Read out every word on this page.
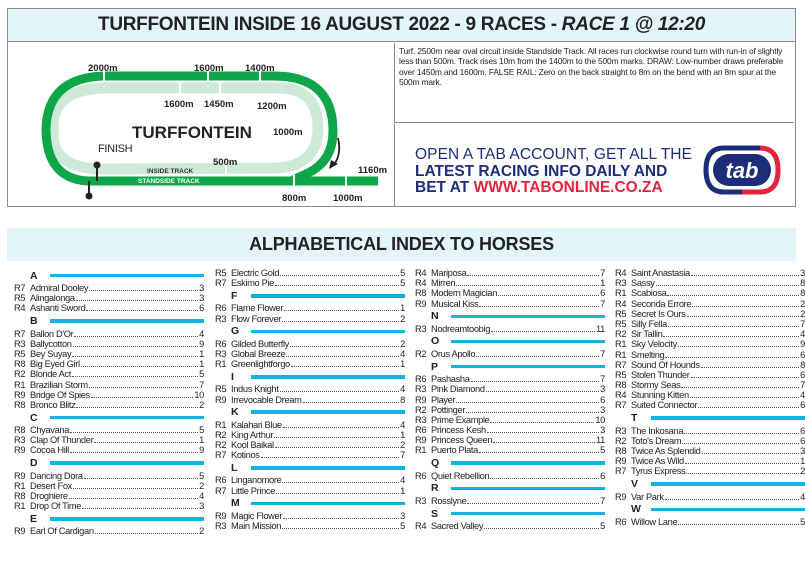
TURFFONTEIN INSIDE 16 AUGUST 2022 - 9 RACES - RACE 1 @ 12:20
2000m	1600m 1400m
1600m 1450m 1200m
1000m
500m
1160m
800m	1000m
TURFFONTEIN
FINISH
INSIDE TRACK
STANDSIDE TRACK
Turf. 2500m near oval circuit inside Standside Track. All races run clockwise round turn with run-in of slightly less than 500m. Track rises 10m from the 1400m to the 500m marks. DRAW: Low-number draws preferable over 1450m and 1600m. FALSE RAIL: Zero on the back straight to 8m on the bend with an 8m spur at the 500m mark.
OPEN A TAB ACCOUNT, GET ALL THE
LATEST RACING INFO DAILY AND
BET AT WWW.TABONLINE.CO.ZA
tab
ALPHABETICAL INDEX TO HORSES
A
R7 Admiral Dooley	3
R5 Alingalonga	3
R4 Ashanti Sword	6
B
R7 Ballon D'Or	4
R3 Ballycotton	9
R5 Bey Suyay	1
R8 Big Eyed Girl	1
R2 Blonde Act	5
R1 Brazilian Storm	7
R9 Bridge Of Spies	10
R8 Bronco Blitz	2
C
R8 Chyavana	5
R3 Clap Of Thunder	1
R9 Cocoa Hill	9
D
R9 Dancing Dora	5
R1 Desert Fox	2
R8 Droghiere	4
R1 Drop Of Time	3
E
R9 Earl Of Cardigan	2
R5 Electric Gold	5
R7 Eskimo Pie	5
F
R6 Flame Flower	1
R3 Flow Forever	2
G
R6 Gilded Butterfly	2
R3 Global Breeze	4
R1 Greenlightforgo	1
I
R5 Indus Knight	4
R9 Irrevocable Dream	8
K
R1 Kalahari Blue	4
R2 King Arthur	1
R2 Kool Baikal	2
R7 Kotinos	7
L
R6 Linganomore	4
R7 Little Prince	1
M
R9 Magic Flower	3
R3 Main Mission	5
R4 Mariposa	7
R4 Mirren	1
R8 Modern Magician	6
R9 Musical Kiss	7
N
R3 Nodreamtoobig	11
O
R2 Orus Apollo	7
P
R6 Pashasha	7
R3 Pink Diamond	3
R9 Player	6
R2 Pottinger	3
R3 Prime Example	10
R6 Princess Kesh	3
R9 Princess Queen	11
R1 Puerto Plata	5
Q
R6 Quiet Rebellion	6
R
R3 Rosslyne	7
S
R4 Sacred Valley	5
R4 Saint Anastasia	3
R3 Sassy	8
R1 Scabiosa	8
R4 Seconda Errore	2
R5 Secret Is Ours	2
R5 Silly Fella	7
R2 Sir Tallin	4
R1 Sky Velocity	9
R1 Smelting	6
R7 Sound Of Hounds	8
R5 Stolen Thunder	6
R8 Stormy Seas	7
R4 Stunning Kitten	4
R7 Suited Connector	6
T
R3 The Inkosana	6
R2 Toto's Dream	6
R8 Twice As Splendid	3
R9 Twice As Wild	1
R7 Tyrus Express	2
V
R9 Var Park	4
W
R6 Willow Lane	5
